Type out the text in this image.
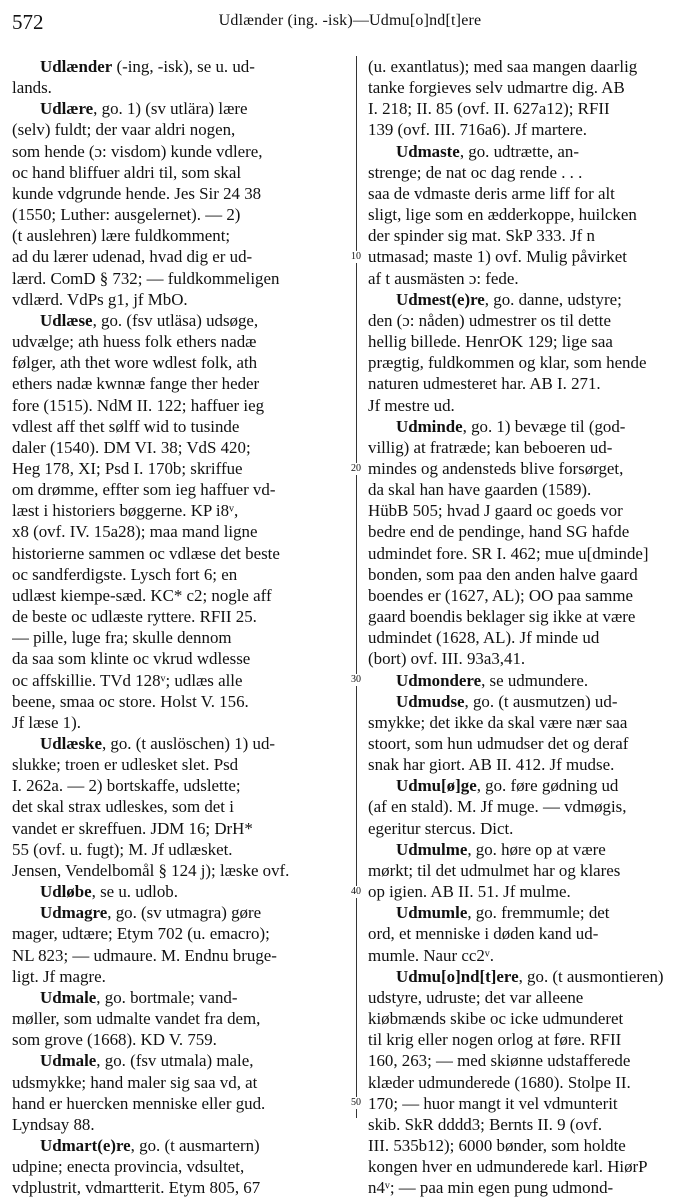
572	Udlænder (ing. -isk)—Udmu[o]nd[t]ere
Udlænder (-ing, -isk), se u. ud-
lands.
Udlære, go. 1) (sv utlära) lære
(selv) fuldt; der vaar aldri nogen,
som hende (ɔ: visdom) kunde vdlere,
oc hand bliffuer aldri til, som skal
kunde vdgrunde hende. Jes Sir 24 38
(1550; Luther: ausgelernet). — 2)
(t auslehren) lære fuldkomment;
ad du lærer udenad, hvad dig er ud-
lærd. ComD § 732; — fuldkommeligen
vdlærd. VdPs g1, jf MbO.
Udlæse, go. (fsv utläsa) udsøge,
udvælge; ath huess folk ethers nadæ
følger, ath thet wore wdlest folk, ath
ethers nadæ kwnnæ fange ther heder
fore (1515). NdM II. 122; haffuer ieg
vdlest aff thet sølff wid to tusinde
daler (1540). DM VI. 38; VdS 420;
Heg 178, XI; Psd I. 170b; skriffue
om drømme, effter som ieg haffuer vd-
læst i historiers bøggerne. KP i8ᵛ,
x8 (ovf. IV. 15a28); maa mand ligne
historierne sammen oc vdlæse det beste
oc sandferdigste. Lysch fort 6; en
udlæst kiempe-sæd. KC* c2; nogle aff
de beste oc udlæste ryttere. RFII 25.
— pille, luge fra; skulle dennom
da saa som klinte oc vkrud wdlesse
oc affskillie. TVd 128ᵛ; udlæs alle
beene, smaa oc store. Holst V. 156.
Jf læse 1).
Udlæske, go. (t auslöschen) 1) ud-
slukke; troen er udlesket slet. Psd
I. 262a. — 2) bortskaffe, udslette;
det skal strax udleskes, som det i
vandet er skreffuen. JDM 16; DrH*
55 (ovf. u. fugt); M. Jf udlæsket.
Jensen, Vendelbomål § 124 j); læske ovf.
Udløbe, se u. udlob.
Udmagre, go. (sv utmagra) gøre
mager, udtære; Etym 702 (u. emacro);
NL 823; — udmaure. M. Endnu bruge-
ligt. Jf magre.
Udmale, go. bortmale; vand-
møller, som udmalte vandet fra dem,
som grove (1668). KD V. 759.
Udmale, go. (fsv utmala) male,
udsmykke; hand maler sig saa vd, at
hand er huercken menniske eller gud.
Lyndsay 88.
Udmart(e)re, go. (t ausmartern)
udpine; enecta provincia, vdsultet,
vdplustrit, vdmartterit. Etym 805, 67
(u. exantlatus); med saa mangen daarlig
tanke forgieves selv udmartre dig. AB
I. 218; II. 85 (ovf. II. 627a12); RFII
139 (ovf. III. 716a6). Jf martere.
Udmaste, go. udtrætte, an-
strenge; de nat oc dag rende . . .
saa de vdmaste deris arme liff for alt
sligt, lige som en ædderkoppe, huilcken
der spinder sig mat. SkP 333. Jf n
utmasad; maste 1) ovf. Mulig påvirket
af t ausmästen ɔ: fede.
Udmest(e)re, go. danne, udstyre;
den (ɔ: nåden) udmestrer os til dette
hellig billede. HenrOK 129; lige saa
prægtig, fuldkommen og klar, som hende
naturen udmesteret har. AB I. 271.
Jf mestre ud.
Udminde, go. 1) bevæge til (god-
villig) at fratræde; kan beboeren ud-
mindes og andensteds blive forsørget,
da skal han have gaarden (1589).
HübB 505; hvad J gaard oc goeds vor
bedre end de pendinge, hand SG hafde
udmindet fore. SR I. 462; mue u[dminde]
bonden, som paa den anden halve gaard
boendes er (1627, AL); OO paa samme
gaard boendis beklager sig ikke at være
udmindet (1628, AL). Jf minde ud
(bort) ovf. III. 93a3,41.
Udmondere, se udmundere.
Udmudse, go. (t ausmutzen) ud-
smykke; det ikke da skal være nær saa
stoort, som hun udmudser det og deraf
snak har giort. AB II. 412. Jf mudse.
Udmu[ø]ge, go. føre gødning ud
(af en stald). M. Jf muge. — vdmøgis,
egeritur stercus. Dict.
Udmulme, go. høre op at være
mørkt; til det udmulmet har og klares
op igien. AB II. 51. Jf mulme.
Udmumle, go. fremmumle; det
ord, et menniske i døden kand ud-
mumle. Naur cc2ᵛ.
Udmu[o]nd[t]ere, go. (t ausmontieren)
udstyre, udruste; det var alleene
kiøbmænds skibe oc icke udmunderet
til krig eller nogen orlog at føre. RFII
160, 263; — med skiønne udstafferede
klæder udmunderede (1680). Stolpe II.
170; — huor mangt it vel vdmunterit
skib. SkR dddd3; Bernts II. 9 (ovf.
III. 535b12); 6000 bønder, som holdte
kongen hver en udmunderede karl. HiørP
n4ᵛ; — paa min egen pung udmond-
10
20
30
40
50
